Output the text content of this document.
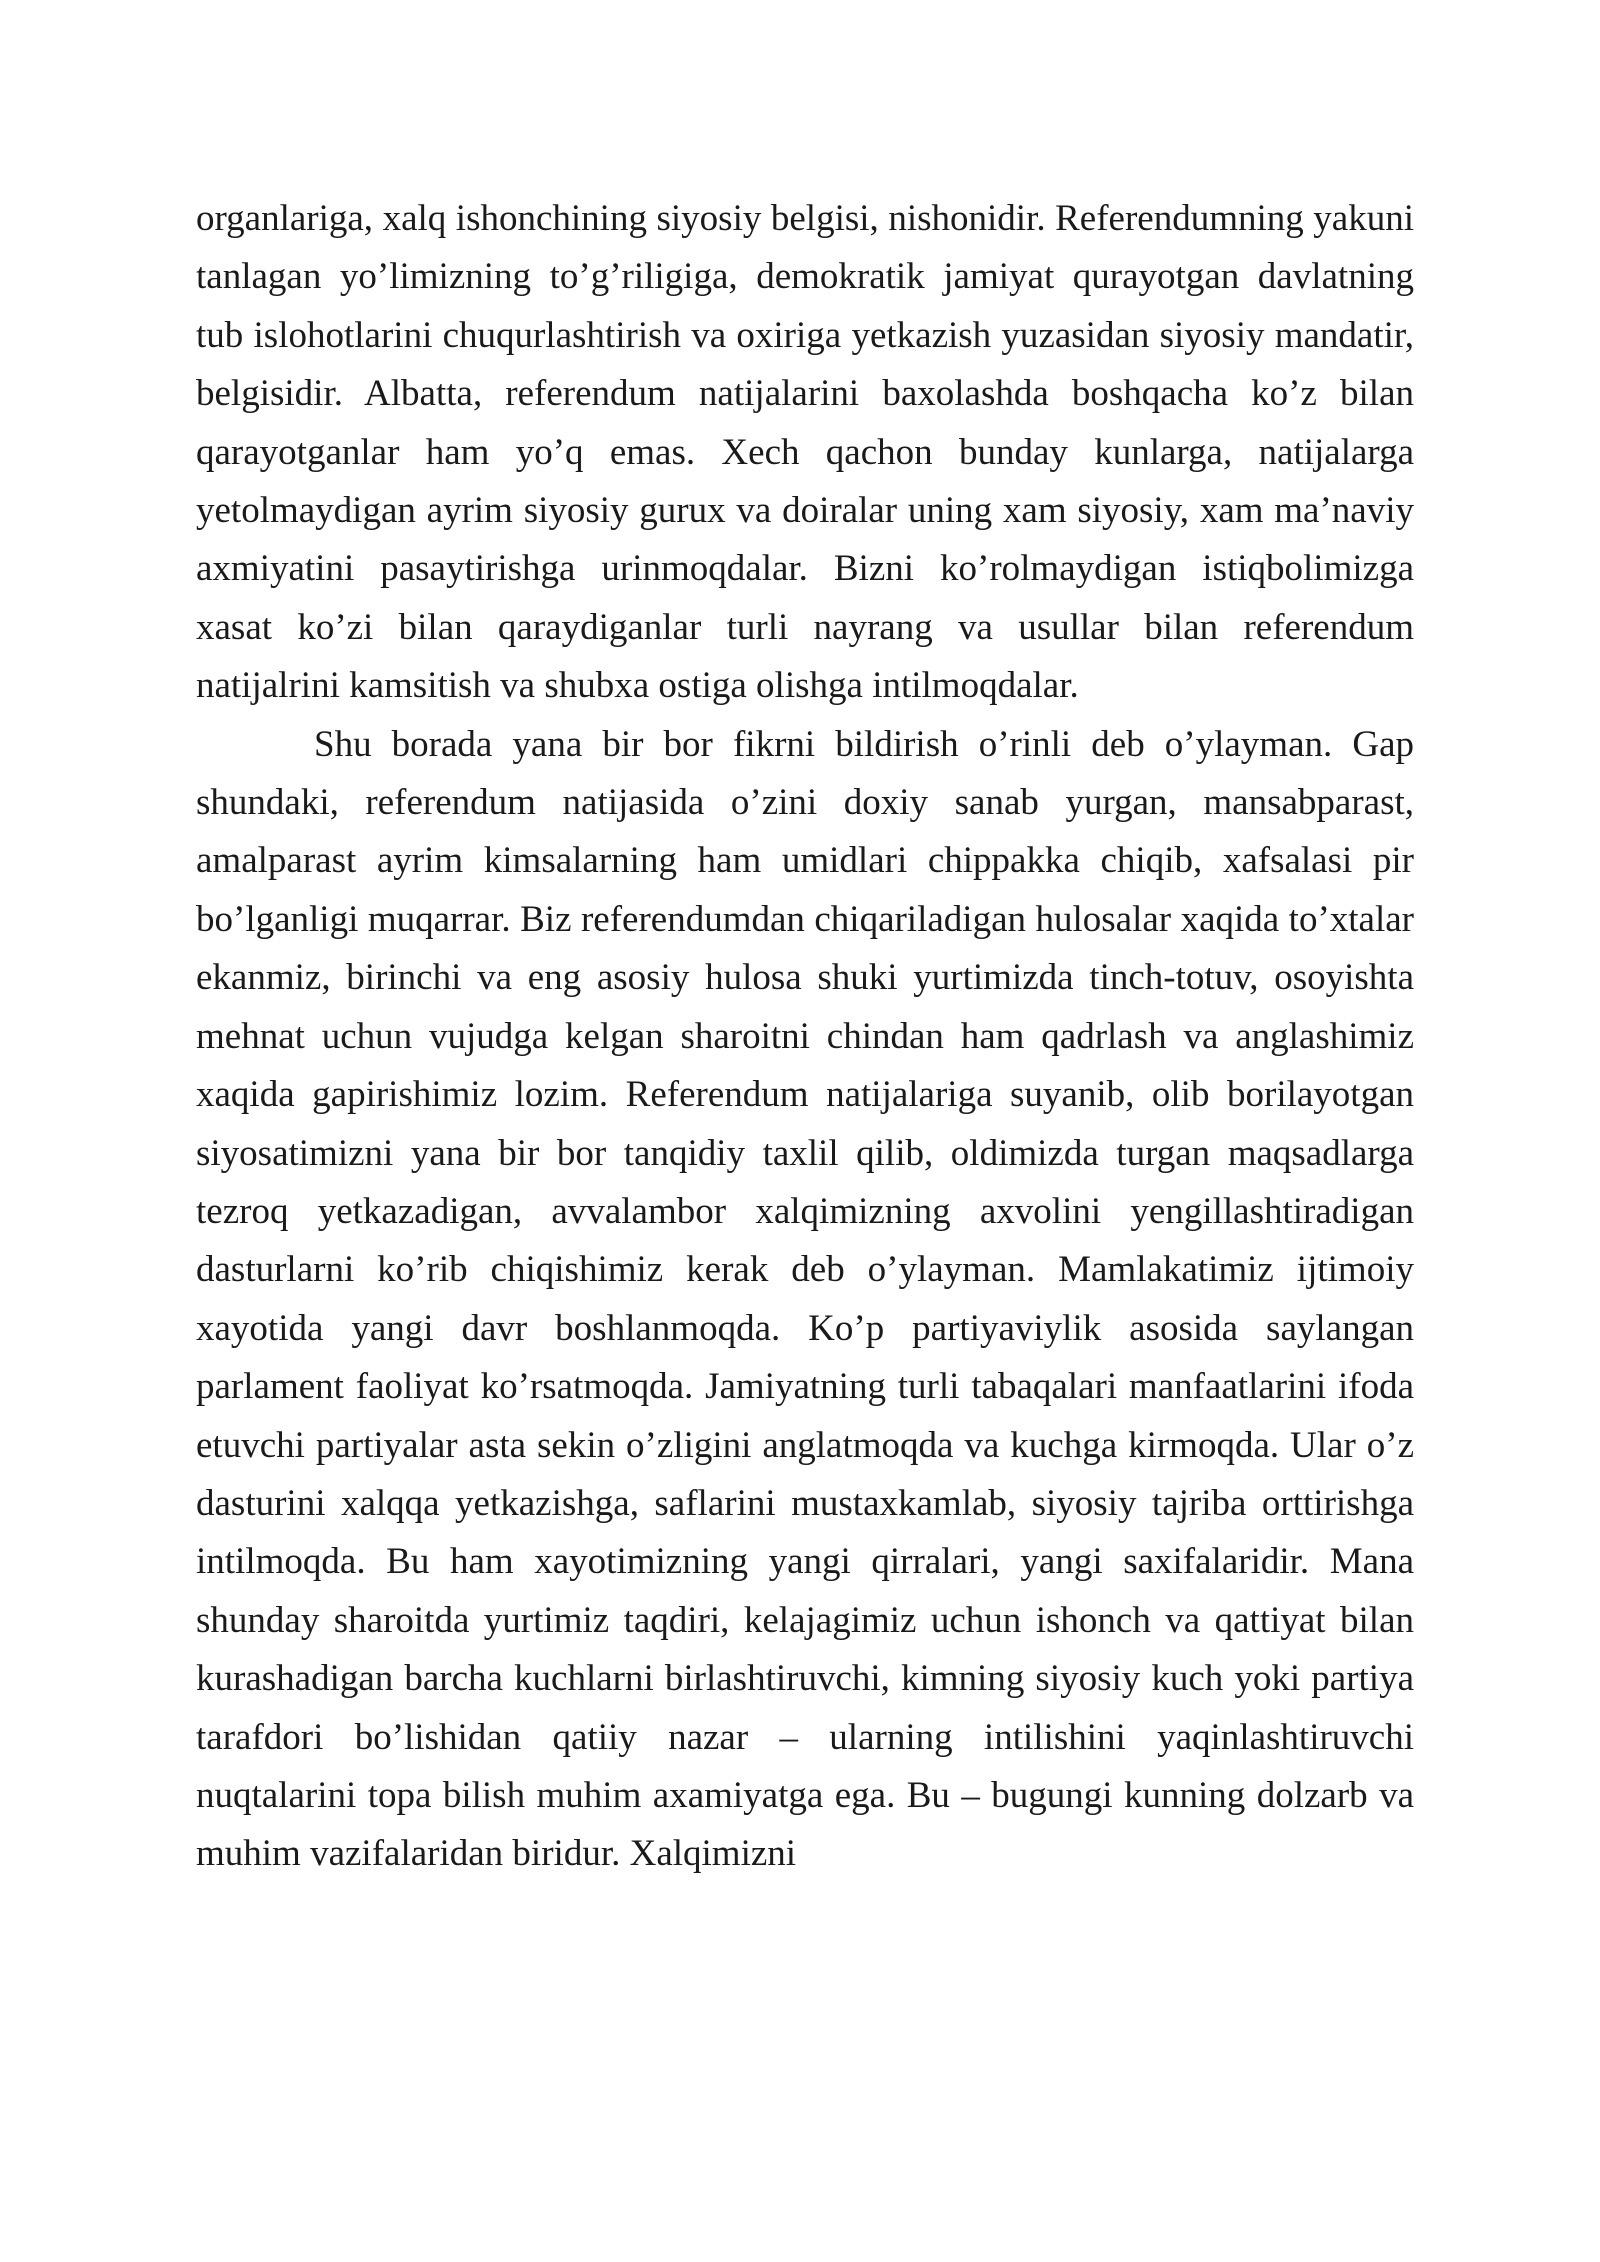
organlariga, xalq ishonchining siyosiy belgisi, nishonidir. Referendumning yakuni tanlagan yo’limizning to’g’riligiga, demokratik jamiyat qurayotgan davlatning tub islohotlarini chuqurlashtirish va oxiriga yetkazish yuzasidan siyosiy mandatir, belgisidir. Albatta, referendum natijalarini baxolashda boshqacha ko’z bilan qarayotganlar ham yo’q emas. Xech qachon bunday kunlarga, natijalarga yetolmaydigan ayrim siyosiy gurux va doiralar uning xam siyosiy, xam ma’naviy axmiyatini pasaytirishga urinmoqdalar. Bizni ko’rolmaydigan istiqbolimizga xasat ko’zi bilan qaraydiganlar turli nayrang va usullar bilan referendum natijalrini kamsitish va shubxa ostiga olishga intilmoqdalar.

Shu borada yana bir bor fikrni bildirish o’rinli deb o’ylayman. Gap shundaki, referendum natijasida o’zini doxiy sanab yurgan, mansabparast, amalparast ayrim kimsalarning ham umidlari chippakka chiqib, xafsalasi pir bo’lganligi muqarrar. Biz referendumdan chiqariladigan hulosalar xaqida to’xtalar ekanmiz, birinchi va eng asosiy hulosa shuki yurtimizda tinch-totuv, osoyishta mehnat uchun vujudga kelgan sharoitni chindan ham qadrlash va anglashimiz xaqida gapirishimiz lozim. Referendum natijalariga suyanib, olib borilayotgan siyosatimizni yana bir bor tanqidiy taxlil qilib, oldimizda turgan maqsadlarga tezroq yetkazadigan, avvalambor xalqimizning axvolini yengillashtiradigan dasturlarni ko’rib chiqishimiz kerak deb o’ylayman. Mamlakatimiz ijtimoiy xayotida yangi davr boshlanmoqda. Ko’p partiyaviylik asosida saylangan parlament faoliyat ko’rsatmoqda. Jamiyatning turli tabaqalari manfaatlarini ifoda etuvchi partiyalar asta sekin o’zligini anglatmoqda va kuchga kirmoqda. Ular o’z dasturini xalqqa yetkazishga, saflarini mustaxkamlab, siyosiy tajriba orttirishga intilmoqda. Bu ham xayotimizning yangi qirralari, yangi saxifalaridir. Mana shunday sharoitda yurtimiz taqdiri, kelajagimiz uchun ishonch va qattiyat bilan kurashadigan barcha kuchlarni birlashtiruvchi, kimning siyosiy kuch yoki partiya tarafdori bo’lishidan qatiiy nazar – ularning intilishini yaqinlashtiruvchi nuqtalarini topa bilish muhim axamiyatga ega. Bu – bugungi kunning dolzarb va muhim vazifalaridan biridur. Xalqimizni
